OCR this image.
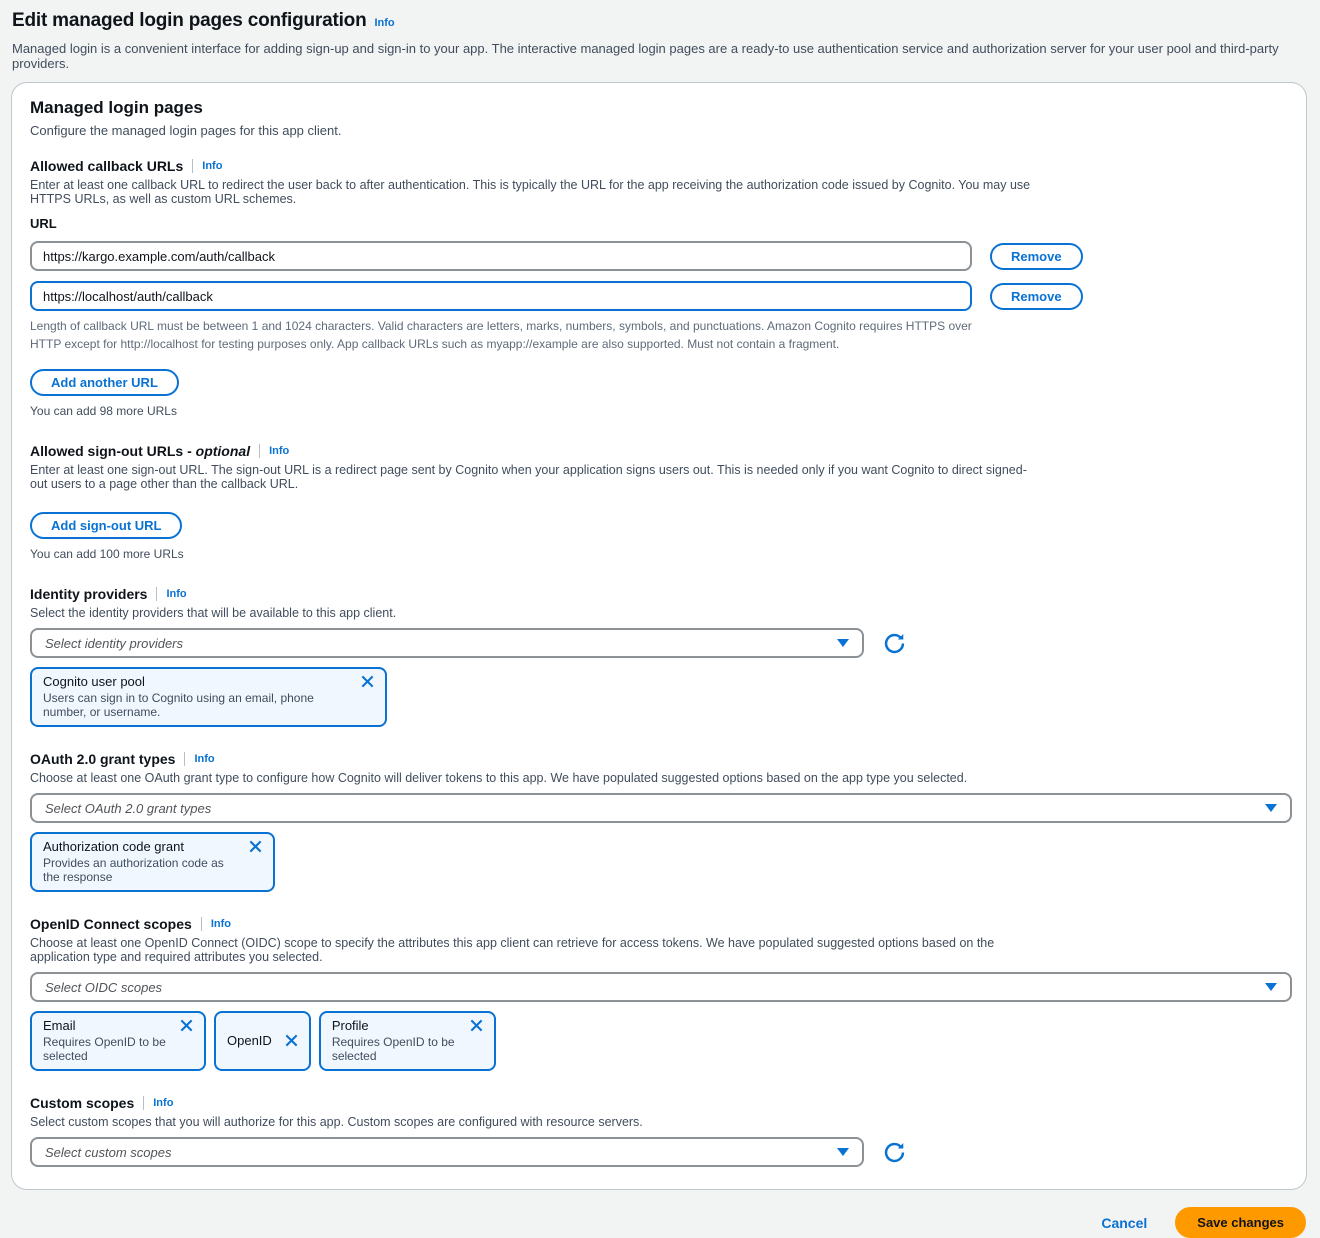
Edit managed login pages configuration Info
Managed login is a convenient interface for adding sign-up and sign-in to your app. The interactive managed login pages are a ready-to use authentication service and authorization server for your user pool and third-party providers.
Managed login pages
Configure the managed login pages for this app client.
Allowed callback URLs Info
Enter at least one callback URL to redirect the user back to after authentication. This is typically the URL for the app receiving the authorization code issued by Cognito. You may use HTTPS URLs, as well as custom URL schemes.
URL
https://kargo.example.com/auth/callback
Remove
https://localhost/auth/callback
Remove
Length of callback URL must be between 1 and 1024 characters. Valid characters are letters, marks, numbers, symbols, and punctuations. Amazon Cognito requires HTTPS over HTTP except for http://localhost for testing purposes only. App callback URLs such as myapp://example are also supported. Must not contain a fragment.
Add another URL
You can add 98 more URLs
Allowed sign-out URLs - optional Info
Enter at least one sign-out URL. The sign-out URL is a redirect page sent by Cognito when your application signs users out. This is needed only if you want Cognito to direct signed-out users to a page other than the callback URL.
Add sign-out URL
You can add 100 more URLs
Identity providers Info
Select the identity providers that will be available to this app client.
Select identity providers
Cognito user pool
Users can sign in to Cognito using an email, phone number, or username.
OAuth 2.0 grant types Info
Choose at least one OAuth grant type to configure how Cognito will deliver tokens to this app. We have populated suggested options based on the app type you selected.
Select OAuth 2.0 grant types
Authorization code grant
Provides an authorization code as the response
OpenID Connect scopes Info
Choose at least one OpenID Connect (OIDC) scope to specify the attributes this app client can retrieve for access tokens. We have populated suggested options based on the application type and required attributes you selected.
Select OIDC scopes
Email
Requires OpenID to be selected
OpenID
Profile
Requires OpenID to be selected
Custom scopes Info
Select custom scopes that you will authorize for this app. Custom scopes are configured with resource servers.
Select custom scopes
Cancel	Save changes
